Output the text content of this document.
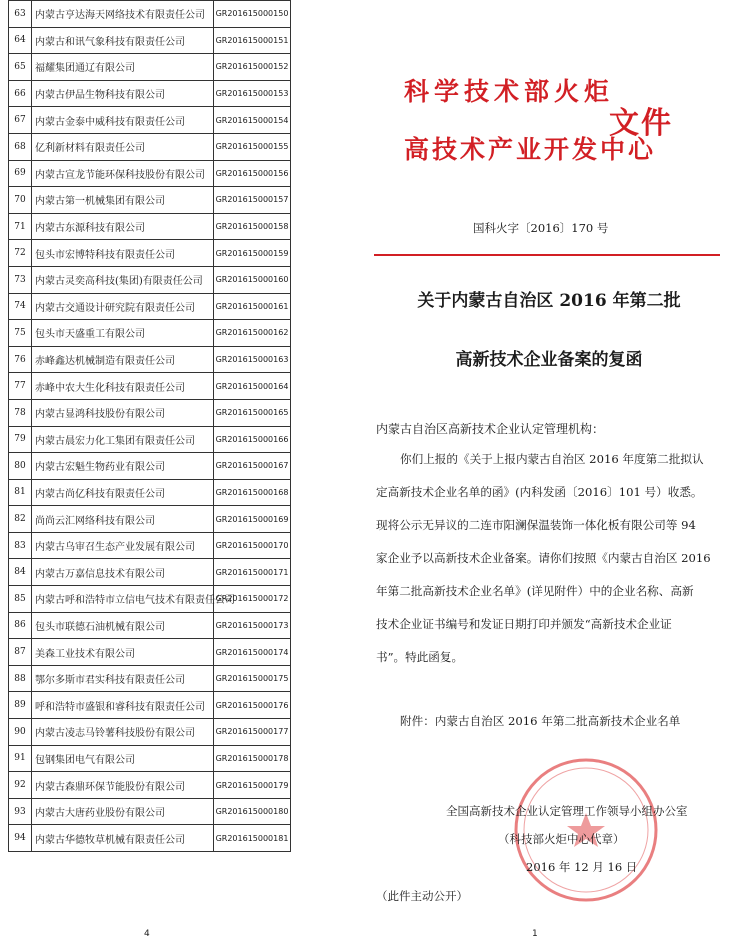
63	内蒙古亨达海天网络技术有限责任公司	GR201615000150
64	内蒙古和讯气象科技有限责任公司	GR201615000151
65	福耀集团通辽有限公司	GR201615000152
66	内蒙古伊品生物科技有限公司	GR201615000153
67	内蒙古金泰中威科技有限责任公司	GR201615000154
68	亿利新材料有限责任公司	GR201615000155
69	内蒙古宣龙节能环保科技股份有限公司	GR201615000156
70	内蒙古第一机械集团有限公司	GR201615000157
71	内蒙古东源科技有限公司	GR201615000158
72	包头市宏博特科技有限责任公司	GR201615000159
73	内蒙古灵奕高科技(集团)有限责任公司	GR201615000160
74	内蒙古交通设计研究院有限责任公司	GR201615000161
75	包头市天盛重工有限公司	GR201615000162
76	赤峰鑫达机械制造有限责任公司	GR201615000163
77	赤峰中农大生化科技有限责任公司	GR201615000164
78	内蒙古显鸿科技股份有限公司	GR201615000165
79	内蒙古晨宏力化工集团有限责任公司	GR201615000166
80	内蒙古宏魁生物药业有限公司	GR201615000167
81	内蒙古尚亿科技有限责任公司	GR201615000168
82	尚尚云汇网络科技有限公司	GR201615000169
83	内蒙古乌审召生态产业发展有限公司	GR201615000170
84	内蒙古万嘉信息技术有限公司	GR201615000171
85	内蒙古呼和浩特市立信电气技术有限责任公司	GR201615000172
86	包头市联德石油机械有限公司	GR201615000173
87	美森工业技术有限公司	GR201615000174
88	鄂尔多斯市君实科技有限责任公司	GR201615000175
89	呼和浩特市盛银和睿科技有限责任公司	GR201615000176
90	内蒙古凌志马铃薯科技股份有限公司	GR201615000177
91	包钢集团电气有限公司	GR201615000178
92	内蒙古森鼎环保节能股份有限公司	GR201615000179
93	内蒙古大唐药业股份有限公司	GR201615000180
94	内蒙古华德牧草机械有限责任公司	GR201615000181
4
科学技术部火炬
高技术产业开发中心
文件
国科火字〔2016〕170 号
关于内蒙古自治区 2016 年第二批
高新技术企业备案的复函
内蒙古自治区高新技术企业认定管理机构：
你们上报的《关于上报内蒙古自治区 2016 年度第二批拟认
定高新技术企业名单的函》(内科发函〔2016〕101 号）收悉。
现将公示无异议的二连市阳澜保温装饰一体化板有限公司等 94
家企业予以高新技术企业备案。请你们按照《内蒙古自治区 2016
年第二批高新技术企业名单》(详见附件）中的企业名称、高新
技术企业证书编号和发证日期打印并颁发“高新技术企业证
书”。特此函复。
附件：内蒙古自治区 2016 年第二批高新技术企业名单
全国高新技术企业认定管理工作领导小组办公室
（科技部火炬中心代章）
2016 年 12 月 16 日
（此件主动公开）
1
